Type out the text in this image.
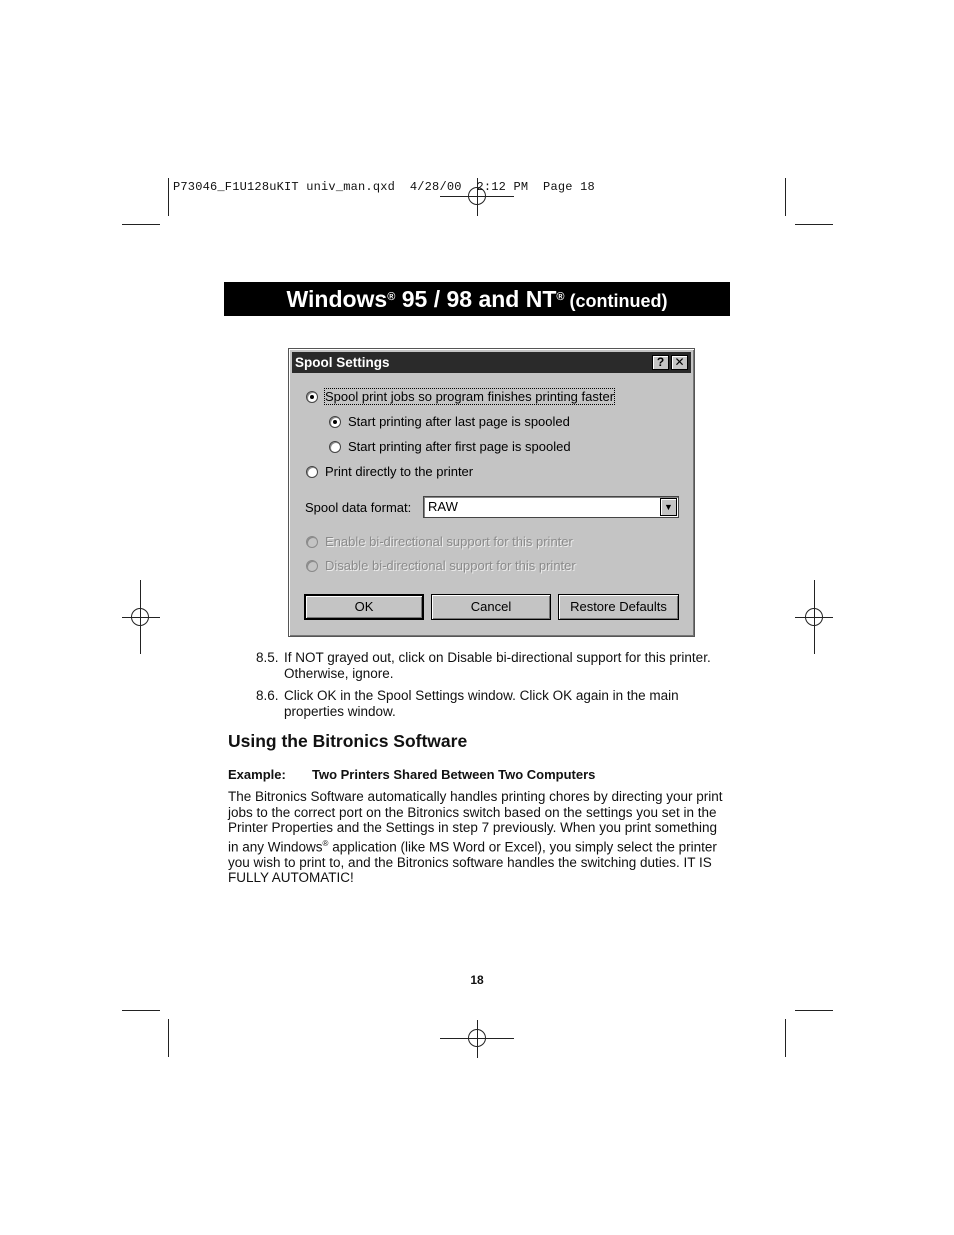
P73046_F1U128uKIT univ_man.qxd  4/28/00  2:12 PM  Page 18
Windows® 95 / 98 and NT® (continued)
Spool Settings	? ✕
Spool print jobs so program finishes printing faster
Start printing after last page is spooled
Start printing after first page is spooled
Print directly to the printer
Spool data format: RAW	▼
Enable bi-directional support for this printer
Disable bi-directional support for this printer
OK	Cancel	Restore Defaults
8.5. If NOT grayed out, click on Disable bi-directional support for this printer. Otherwise, ignore.
8.6. Click OK in the Spool Settings window. Click OK again in the main properties window.
Using the Bitronics Software
Example: Two Printers Shared Between Two Computers
The Bitronics Software automatically handles printing chores by directing your print jobs to the correct port on the Bitronics switch based on the settings you set in the Printer Properties and the Settings in step 7 previously. When you print something in any Windows® application (like MS Word or Excel), you simply select the printer you wish to print to, and the Bitronics software handles the switching duties. IT IS FULLY AUTOMATIC!
18
